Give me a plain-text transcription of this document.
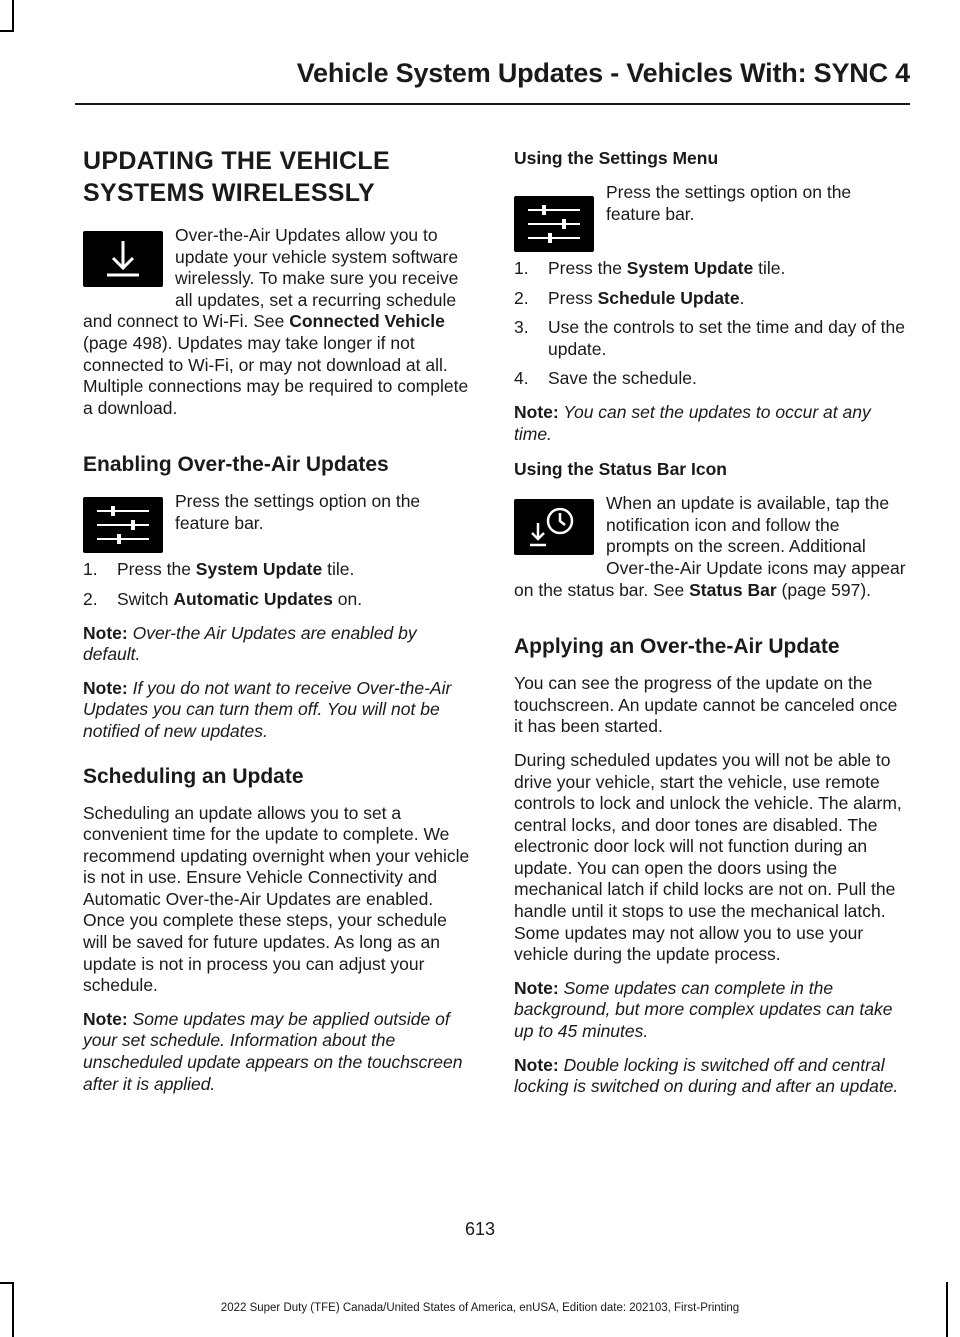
Vehicle System Updates - Vehicles With: SYNC 4
UPDATING THE VEHICLE
SYSTEMS WIRELESSLY

Over-the-Air Updates allow you to update your vehicle system software wirelessly. To make sure you receive all updates, set a recurring schedule and connect to Wi-Fi. See Connected Vehicle (page 498). Updates may take longer if not connected to Wi-Fi, or may not download at all. Multiple connections may be required to complete a download.

Enabling Over-the-Air Updates

Press the settings option on the feature bar.

1. Press the System Update tile.
2. Switch Automatic Updates on.

Note: Over-the Air Updates are enabled by default.

Note: If you do not want to receive Over-the-Air Updates you can turn them off. You will not be notified of new updates.

Scheduling an Update

Scheduling an update allows you to set a convenient time for the update to complete. We recommend updating overnight when your vehicle is not in use. Ensure Vehicle Connectivity and Automatic Over-the-Air Updates are enabled. Once you complete these steps, your schedule will be saved for future updates. As long as an update is not in process you can adjust your schedule.

Note: Some updates may be applied outside of your set schedule. Information about the unscheduled update appears on the touchscreen after it is applied.

Using the Settings Menu

Press the settings option on the feature bar.

1. Press the System Update tile.
2. Press Schedule Update.
3. Use the controls to set the time and day of the update.
4. Save the schedule.

Note: You can set the updates to occur at any time.

Using the Status Bar Icon

When an update is available, tap the notification icon and follow the prompts on the screen. Additional Over-the-Air Update icons may appear on the status bar. See Status Bar (page 597).

Applying an Over-the-Air Update

You can see the progress of the update on the touchscreen. An update cannot be canceled once it has been started.

During scheduled updates you will not be able to drive your vehicle, start the vehicle, use remote controls to lock and unlock the vehicle. The alarm, central locks, and door tones are disabled. The electronic door lock will not function during an update. You can open the doors using the mechanical latch if child locks are not on. Pull the handle until it stops to use the mechanical latch. Some updates may not allow you to use your vehicle during the update process.

Note: Some updates can complete in the background, but more complex updates can take up to 45 minutes.

Note: Double locking is switched off and central locking is switched on during and after an update.

613
2022 Super Duty (TFE) Canada/United States of America, enUSA, Edition date: 202103, First-Printing
